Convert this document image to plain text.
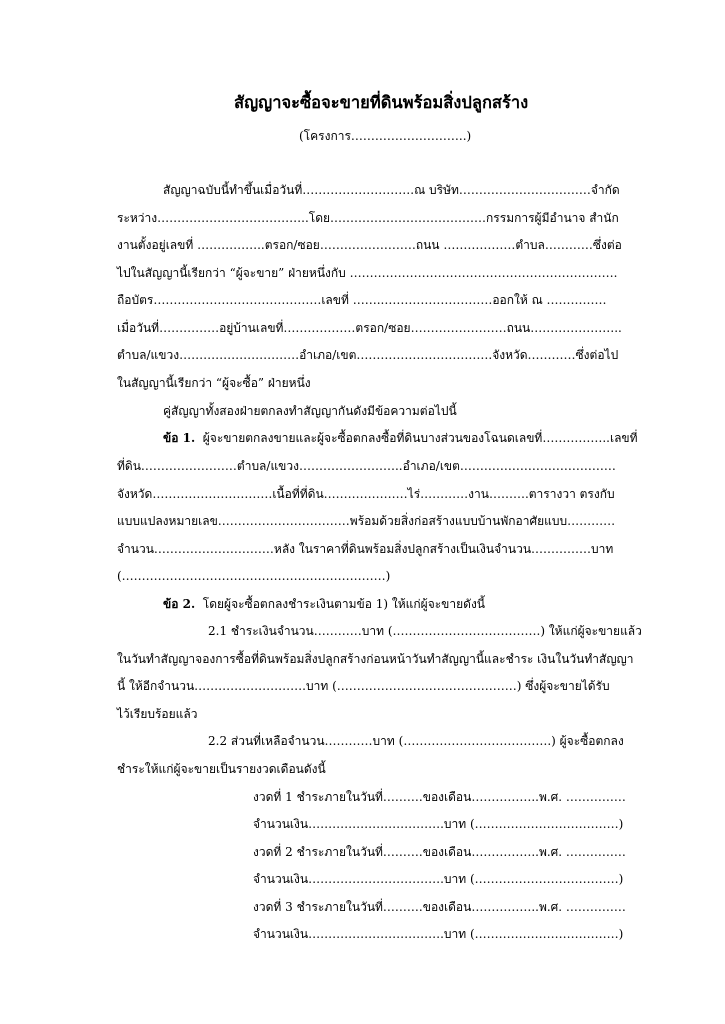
สัญญาจะซื้อจะขายที่ดินพร้อมสิ่งปลูกสร้าง
(โครงการ………………………..)
สัญญาฉบับนี้ทำขึ้นเมื่อวันที่……………………….ณ บริษัท……………………………จำกัด
ระหว่าง………………………………..โดย…………………………………กรรมการผู้มีอำนาจ สำนัก
งานตั้งอยู่เลขที่ ……………..ตรอก/ซอย……………………ถนน ………………ตำบล…………ซึ่งต่อ
ไปในสัญญานี้เรียกว่า “ผู้จะขาย” ฝ่ายหนึ่งกับ ………………………………………………………….
ถือบัตร……………………………………เลขที่ ……..………………………ออกให้ ณ ……………
เมื่อวันที่……………อยู่บ้านเลขที่………………ตรอก/ซอย……………………ถนน…………………..
ตำบล/แขวง…………………………อำเภอ/เขต…………………………….จังหวัด…………ซึ่งต่อไป
ในสัญญานี้เรียกว่า “ผู้จะซื้อ” ฝ่ายหนึ่ง
คู่สัญญาทั้งสองฝ่ายตกลงทำสัญญากันดังมีข้อความต่อไปนี้
ข้อ 1. ผู้จะขายตกลงขายและผู้จะซื้อตกลงซื้อที่ดินบางส่วนของโฉนดเลขที่……………..เลขที่
ที่ดิน……………………ตำบล/แขวง……………………..อำเภอ/เขต…………………………………
จังหวัด…………………………เนื้อที่ที่ดิน…………………ไร่…………งาน……….ตารางวา ตรงกับ
แบบแปลงหมายเลข……………………………พร้อมด้วยสิ่งก่อสร้างแบบบ้านพักอาศัยแบบ…………
จำนวน…………………………หลัง ในราคาที่ดินพร้อมสิ่งปลูกสร้างเป็นเงินจำนวน……………บาท
(…………………………………………………………)
ข้อ 2. โดยผู้จะซื้อตกลงชำระเงินตามข้อ 1) ให้แก่ผู้จะขายดังนี้
2.1 ชำระเงินจำนวน…………บาท (……………………………….) ให้แก่ผู้จะขายแล้ว
ในวันทำสัญญาจองการซื้อที่ดินพร้อมสิ่งปลูกสร้างก่อนหน้าวันทำสัญญานี้และชำระ เงินในวันทำสัญญา
นี้ ให้อีกจำนวน……………………….บาท (………………………………………) ซึ่งผู้จะขายได้รับ
ไว้เรียบร้อยแล้ว
2.2 ส่วนที่เหลือจำนวน…………บาท (……………………………….) ผู้จะซื้อตกลง
ชำระให้แก่ผู้จะขายเป็นรายงวดเดือนดังนี้
งวดที่ 1 ชำระภายในวันที่……….ของเดือน……………..พ.ศ. ……………
จำนวนเงิน…………………………….บาท (………………………………)
งวดที่ 2 ชำระภายในวันที่……….ของเดือน……………..พ.ศ. ……………
จำนวนเงิน…………………………….บาท (………………………………)
งวดที่ 3 ชำระภายในวันที่……….ของเดือน……………..พ.ศ. ……………
จำนวนเงิน…………………………….บาท (………………………………)
